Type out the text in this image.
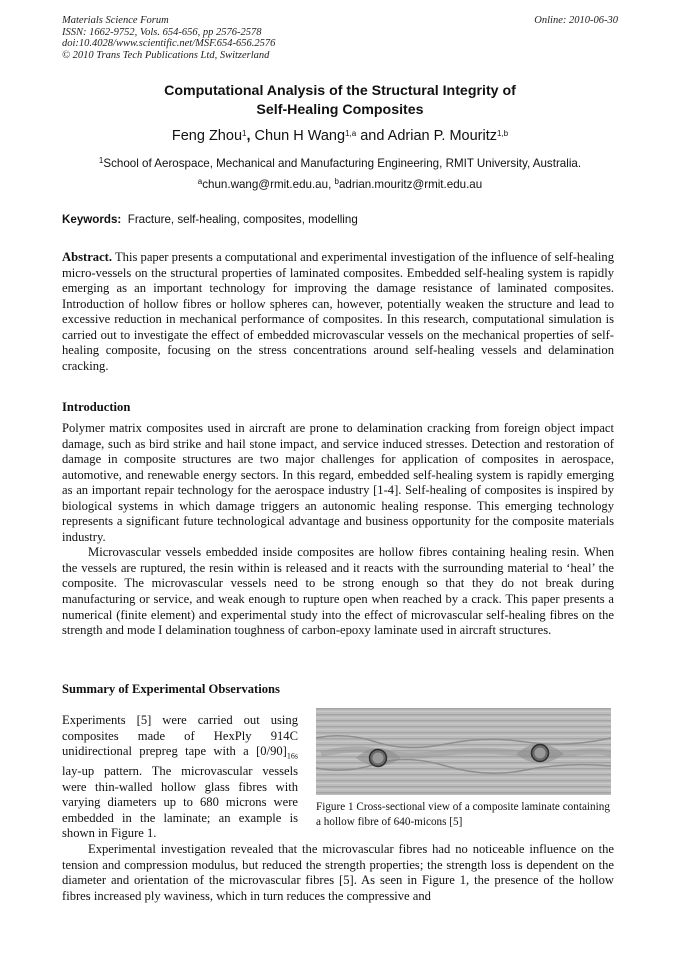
Materials Science Forum
ISSN: 1662-9752, Vols. 654-656, pp 2576-2578
doi:10.4028/www.scientific.net/MSF.654-656.2576
© 2010 Trans Tech Publications Ltd, Switzerland
Online: 2010-06-30
Computational Analysis of the Structural Integrity of
Self-Healing Composites
Feng Zhou$^1$, Chun H Wang$^{1,a}$ and Adrian P. Mouritz$^{1,b}$
$^1$School of Aerospace, Mechanical and Manufacturing Engineering, RMIT University, Australia.
$^a$chun.wang@rmit.edu.au, $^b$adrian.mouritz@rmit.edu.au
Keywords: Fracture, self-healing, composites, modelling
Abstract. This paper presents a computational and experimental investigation of the influence of self-healing micro-vessels on the structural properties of laminated composites. Embedded self-healing system is rapidly emerging as an important technology for improving the damage resistance of laminated composites. Introduction of hollow fibres or hollow spheres can, however, potentially weaken the structure and lead to excessive reduction in mechanical performance of composites. In this research, computational simulation is carried out to investigate the effect of embedded microvascular vessels on the mechanical properties of self-healing composite, focusing on the stress concentrations around self-healing vessels and delamination cracking.
Introduction
Polymer matrix composites used in aircraft are prone to delamination cracking from foreign object impact damage, such as bird strike and hail stone impact, and service induced stresses. Detection and restoration of damage in composite structures are two major challenges for application of composites in aerospace, automotive, and renewable energy sectors. In this regard, embedded self-healing system is rapidly emerging as an important repair technology for the aerospace industry [1-4]. Self-healing of composites is inspired by biological systems in which damage triggers an autonomic healing response. This emerging technology represents a significant future technological advantage and business opportunity for the composite materials industry.
Microvascular vessels embedded inside composites are hollow fibres containing healing resin. When the vessels are ruptured, the resin within is released and it reacts with the surrounding material to ‘heal’ the composite. The microvascular vessels need to be strong enough so that they do not break during manufacturing or service, and weak enough to rupture open when reached by a crack. This paper presents a numerical (finite element) and experimental study into the effect of microvascular self-healing fibres on the strength and mode I delamination toughness of carbon-epoxy laminate used in aircraft structures.
Summary of Experimental Observations
Experiments [5] were carried out using composites made of HexPly 914C unidirectional prepreg tape with a $[0/90]_{16s}$ lay-up pattern. The microvascular vessels were thin-walled hollow glass fibres with varying diameters up to 680 microns were embedded in the laminate; an example is shown in Figure 1.
Figure 1 Cross-sectional view of a composite laminate containing a hollow fibre of 640-micons [5]
Experimental investigation revealed that the microvascular fibres had no noticeable influence on the tension and compression modulus, but reduced the strength properties; the strength loss is dependent on the diameter and orientation of the microvascular fibres [5]. As seen in Figure 1, the presence of the hollow fibres increased ply waviness, which in turn reduces the compressive and
